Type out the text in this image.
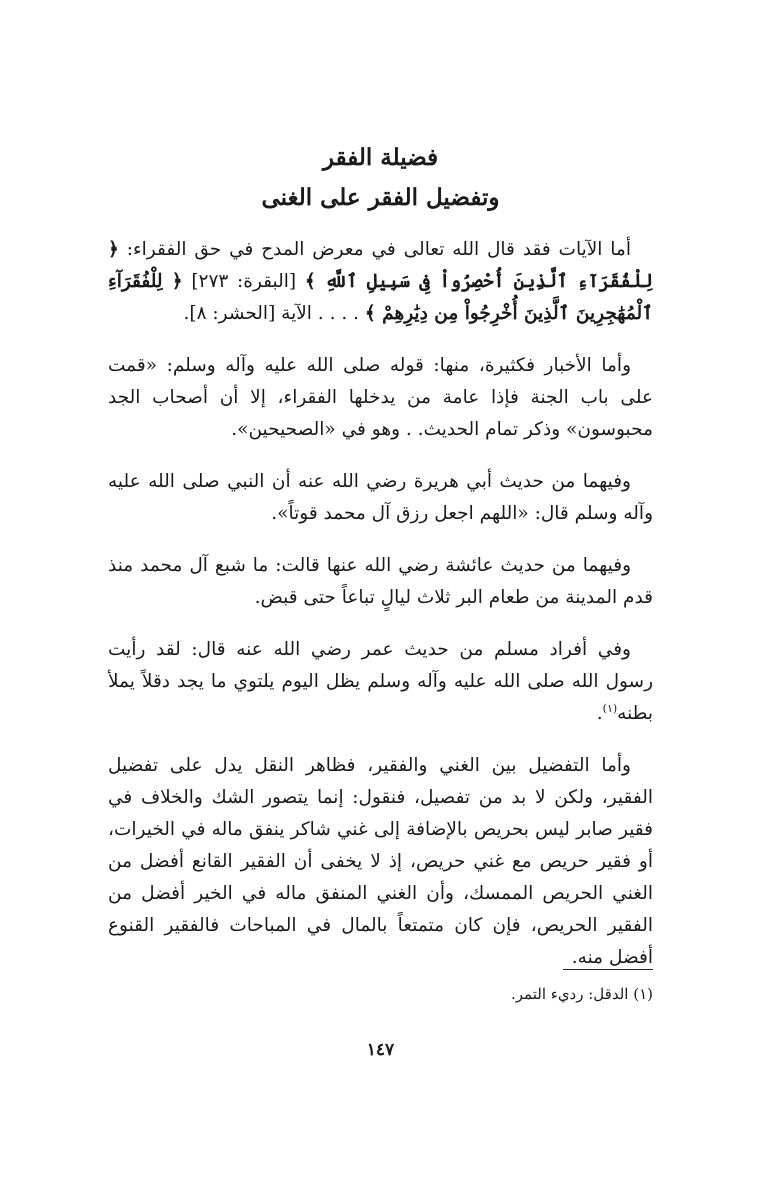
فضيلة الفقر
وتفضيل الفقر على الغنى

أما الآيات فقد قال الله تعالى في معرض المدح في حق الفقراء: ﴿ لِلْفُقَرَآءِ ٱلَّذِينَ أُحْصِرُواْ فِى سَبِيلِ ٱللَّهِ ﴾ [البقرة: ٢٧٣] ﴿ لِلْفُقَرَآءِ ٱلْمُهَٰجِرِينَ ٱلَّذِينَ أُخْرِجُواْ مِن دِيَٰرِهِمْ ﴾ . . . . الآية [الحشر: ٨].

وأما الأخبار فكثيرة، منها: قوله صلى الله عليه وآله وسلم: «قمت على باب الجنة فإذا عامة من يدخلها الفقراء، إلا أن أصحاب الجد محبوسون» وذكر تمام الحديث. . وهو في «الصحيحين».

وفيهما من حديث أبي هريرة رضي الله عنه أن النبي صلى الله عليه وآله وسلم قال: «اللهم اجعل رزق آل محمد قوتاً».

وفيهما من حديث عائشة رضي الله عنها قالت: ما شبع آل محمد منذ قدم المدينة من طعام البر ثلاث ليالٍ تباعاً حتى قبض.

وفي أفراد مسلم من حديث عمر رضي الله عنه قال: لقد رأيت رسول الله صلى الله عليه وآله وسلم يظل اليوم يلتوي ما يجد دقلاً يملأ بطنه$^{(١)}$.

وأما التفضيل بين الغني والفقير، فظاهر النقل يدل على تفضيل الفقير، ولكن لا بد من تفصيل، فنقول: إنما يتصور الشك والخلاف في فقير صابر ليس بحريص بالإضافة إلى غني شاكر ينفق ماله في الخيرات، أو فقير حريص مع غني حريص، إذ لا يخفى أن الفقير القانع أفضل من الغني الحريص الممسك، وأن الغني المنفق ماله في الخير أفضل من الفقير الحريص، فإن كان متمتعاً بالمال في المباحات فالفقير القنوع أفضل منه.

(١) الدقل: رديء التمر.

١٤٧
